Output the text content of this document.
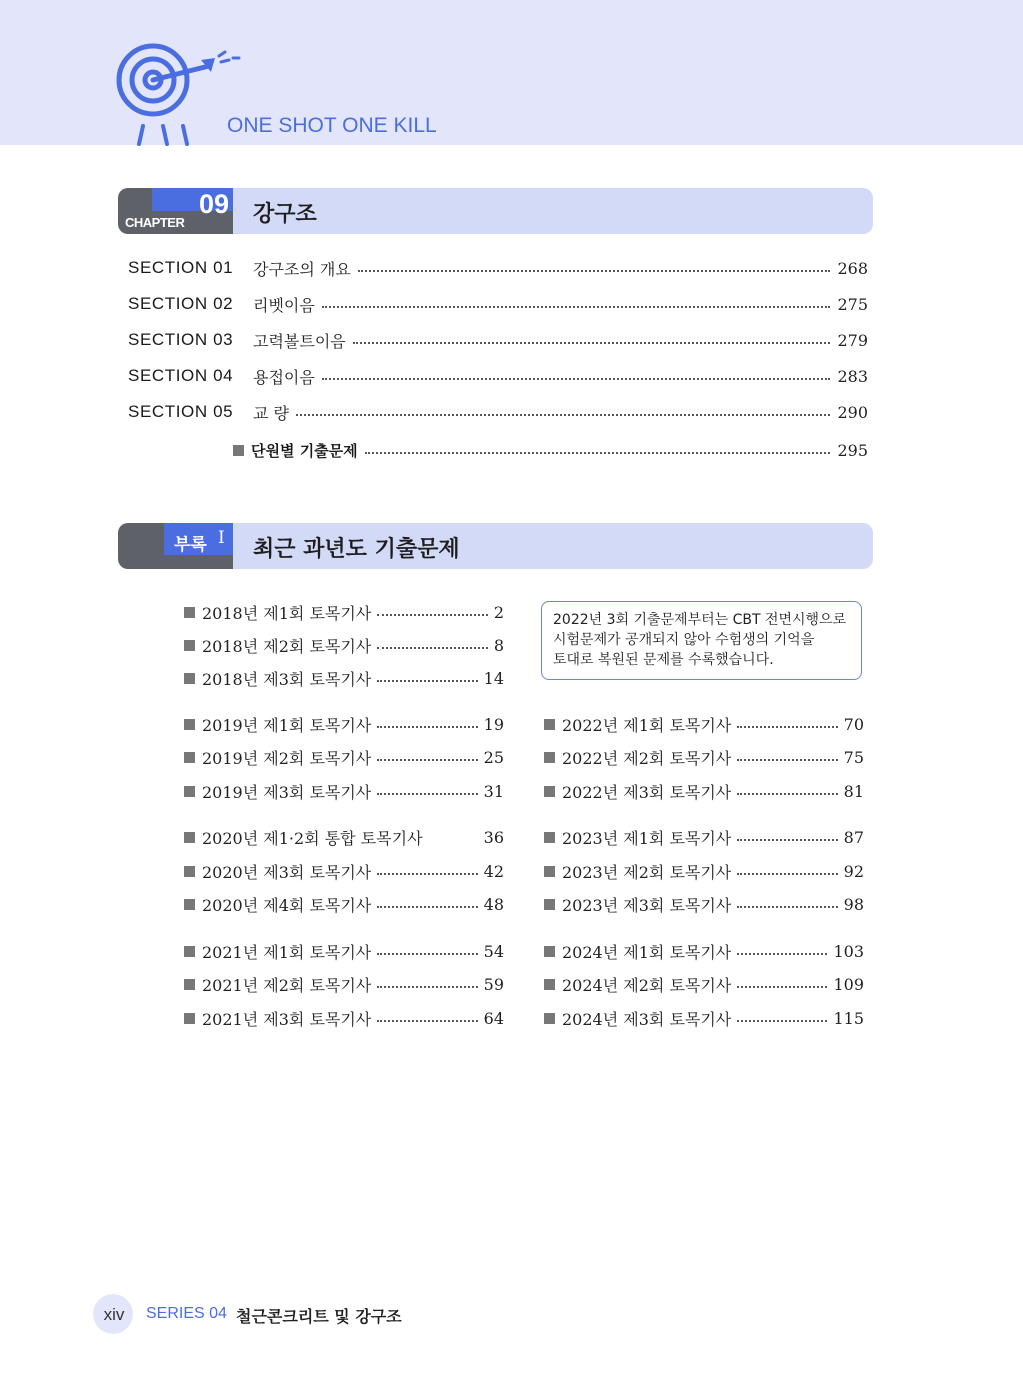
ONE SHOT ONE KILL
CHAPTER
09 강구조
SECTION 01	강구조의 개요	268
SECTION 02	리벳이음	275
SECTION 03	고력볼트이음	279
SECTION 04	용접이음	283
SECTION 05	교 량	290
단원별 기출문제	295
부록 Ⅰ 최근 과년도 기출문제
2022년 3회 기출문제부터는 CBT 전면시행으로
시험문제가 공개되지 않아 수험생의 기억을
토대로 복원된 문제를 수록했습니다.
2018년 제1회 토목기사	2
2018년 제2회 토목기사	8
2018년 제3회 토목기사	14
2019년 제1회 토목기사	19
2019년 제2회 토목기사	25
2019년 제3회 토목기사	31
2020년 제1·2회 통합 토목기사	36
2020년 제3회 토목기사	42
2020년 제4회 토목기사	48
2021년 제1회 토목기사	54
2021년 제2회 토목기사	59
2021년 제3회 토목기사	64
2022년 제1회 토목기사	70
2022년 제2회 토목기사	75
2022년 제3회 토목기사	81
2023년 제1회 토목기사	87
2023년 제2회 토목기사	92
2023년 제3회 토목기사	98
2024년 제1회 토목기사	103
2024년 제2회 토목기사	109
2024년 제3회 토목기사	115
xiv	SERIES 04 철근콘크리트 및 강구조
